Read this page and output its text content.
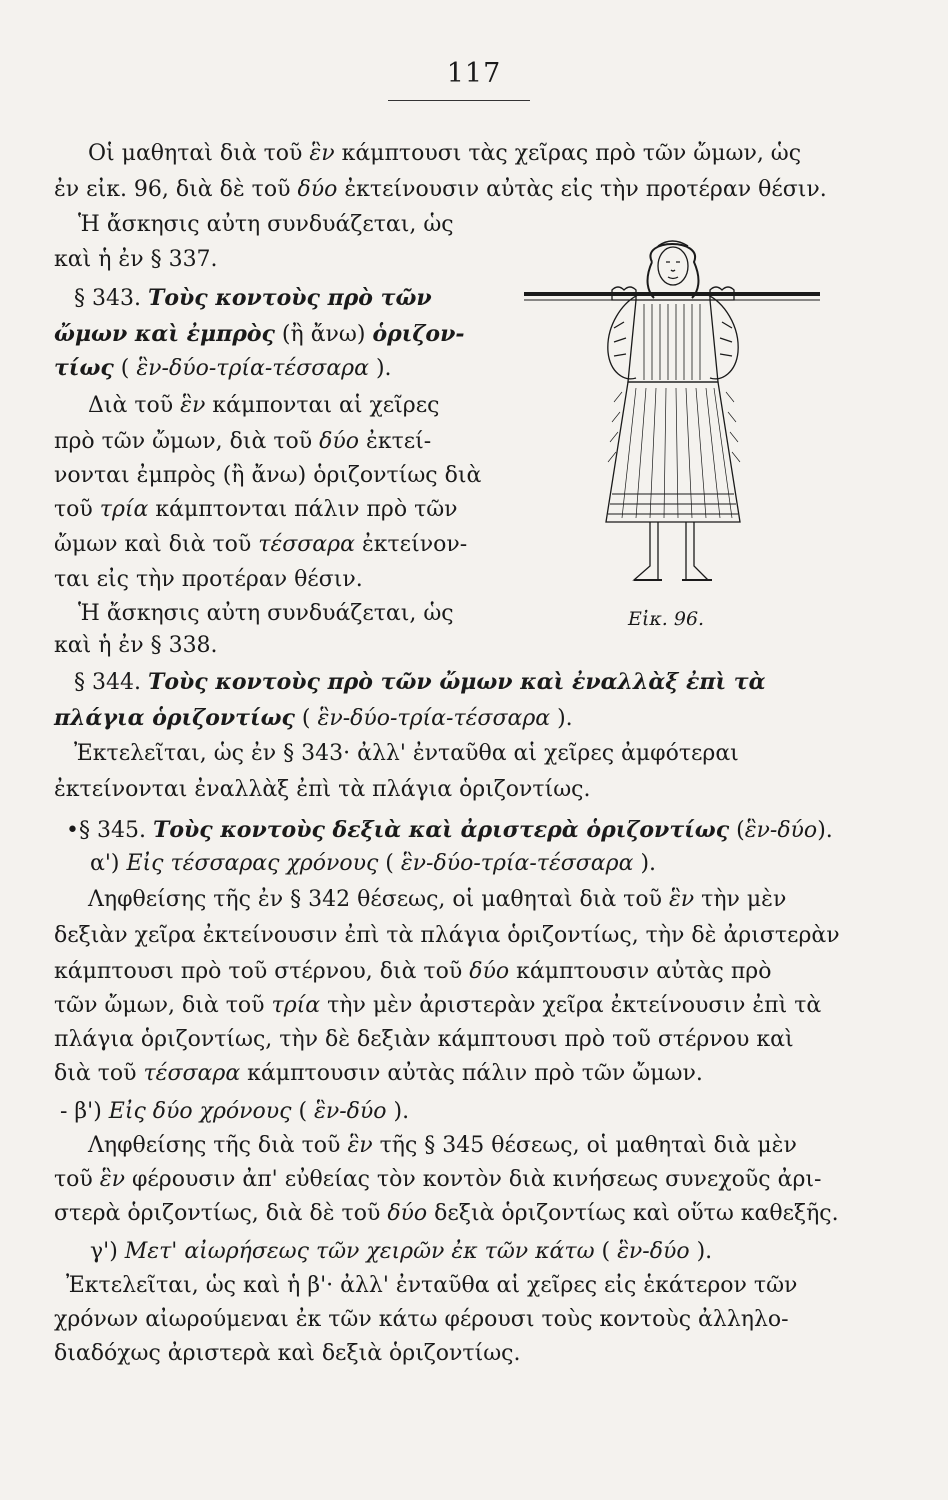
117
Οἱ μαθηταὶ διὰ τοῦ ἓν κάμπτουσι τὰς χεῖρας πρὸ τῶν ὤμων, ὡς
ἐν εἰκ. 96, διὰ δὲ τοῦ δύο ἐκτείνουσιν αὐτὰς εἰς τὴν προτέραν θέσιν.
Ἡ ἄσκησις αὐτη συνδυάζεται, ὡς
καὶ ἡ ἐν § 337.
§ 343. Τοὺς κοντοὺς πρὸ τῶν
ὤμων καὶ ἐμπρὸς (ἢ ἄνω) ὁριζον-
τίως ( ἓν-δύο-τρία-τέσσαρα ).
Διὰ τοῦ ἓν κάμπονται αἱ χεῖρες
πρὸ τῶν ὤμων, διὰ τοῦ δύο ἐκτεί-
νονται ἐμπρὸς (ἢ ἄνω) ὁριζοντίως διὰ
τοῦ τρία κάμπτονται πάλιν πρὸ τῶν
ὤμων καὶ διὰ τοῦ τέσσαρα ἐκτείνον-
ται εἰς τὴν προτέραν θέσιν.
Ἡ ἄσκησις αὐτη συνδυάζεται, ὡς
καὶ ἡ ἐν § 338.
Εἰκ. 96.
§ 344. Τοὺς κοντοὺς πρὸ τῶν ὤμων καὶ ἐναλλὰξ ἐπὶ τὰ
πλάγια ὁριζοντίως ( ἓν-δύο-τρία-τέσσαρα ).
Ἐκτελεῖται, ὡς ἐν § 343· ἀλλ' ἐνταῦθα αἱ χεῖρες ἀμφότεραι
ἐκτείνονται ἐναλλὰξ ἐπὶ τὰ πλάγια ὁριζοντίως.
•§ 345. Τοὺς κοντοὺς δεξιὰ καὶ ἀριστερὰ ὁριζοντίως (ἓν-δύο).
α') Εἰς τέσσαρας χρόνους ( ἓν-δύο-τρία-τέσσαρα ).
Ληφθείσης τῆς ἐν § 342 θέσεως, οἱ μαθηταὶ διὰ τοῦ ἓν τὴν μὲν
δεξιὰν χεῖρα ἐκτείνουσιν ἐπὶ τὰ πλάγια ὁριζοντίως, τὴν δὲ ἀριστερὰν
κάμπτουσι πρὸ τοῦ στέρνου, διὰ τοῦ δύο κάμπτουσιν αὐτὰς πρὸ
τῶν ὤμων, διὰ τοῦ τρία τὴν μὲν ἀριστερὰν χεῖρα ἐκτείνουσιν ἐπὶ τὰ
πλάγια ὁριζοντίως, τὴν δὲ δεξιὰν κάμπτουσι πρὸ τοῦ στέρνου καὶ
διὰ τοῦ τέσσαρα κάμπτουσιν αὐτὰς πάλιν πρὸ τῶν ὤμων.
- β') Εἰς δύο χρόνους ( ἓν-δύο ).
Ληφθείσης τῆς διὰ τοῦ ἓν τῆς § 345 θέσεως, οἱ μαθηταὶ διὰ μὲν
τοῦ ἓν φέρουσιν ἀπ' εὐθείας τὸν κοντὸν διὰ κινήσεως συνεχοῦς ἀρι-
στερὰ ὁριζοντίως, διὰ δὲ τοῦ δύο δεξιὰ ὁριζοντίως καὶ οὕτω καθεξῆς.
γ') Μετ' αἰωρήσεως τῶν χειρῶν ἐκ τῶν κάτω ( ἓν-δύο ).
Ἐκτελεῖται, ὡς καὶ ἡ β'· ἀλλ' ἐνταῦθα αἱ χεῖρες εἰς ἑκάτερον τῶν
χρόνων αἰωρούμεναι ἐκ τῶν κάτω φέρουσι τοὺς κοντοὺς ἀλληλο-
διαδόχως ἀριστερὰ καὶ δεξιὰ ὁριζοντίως.
